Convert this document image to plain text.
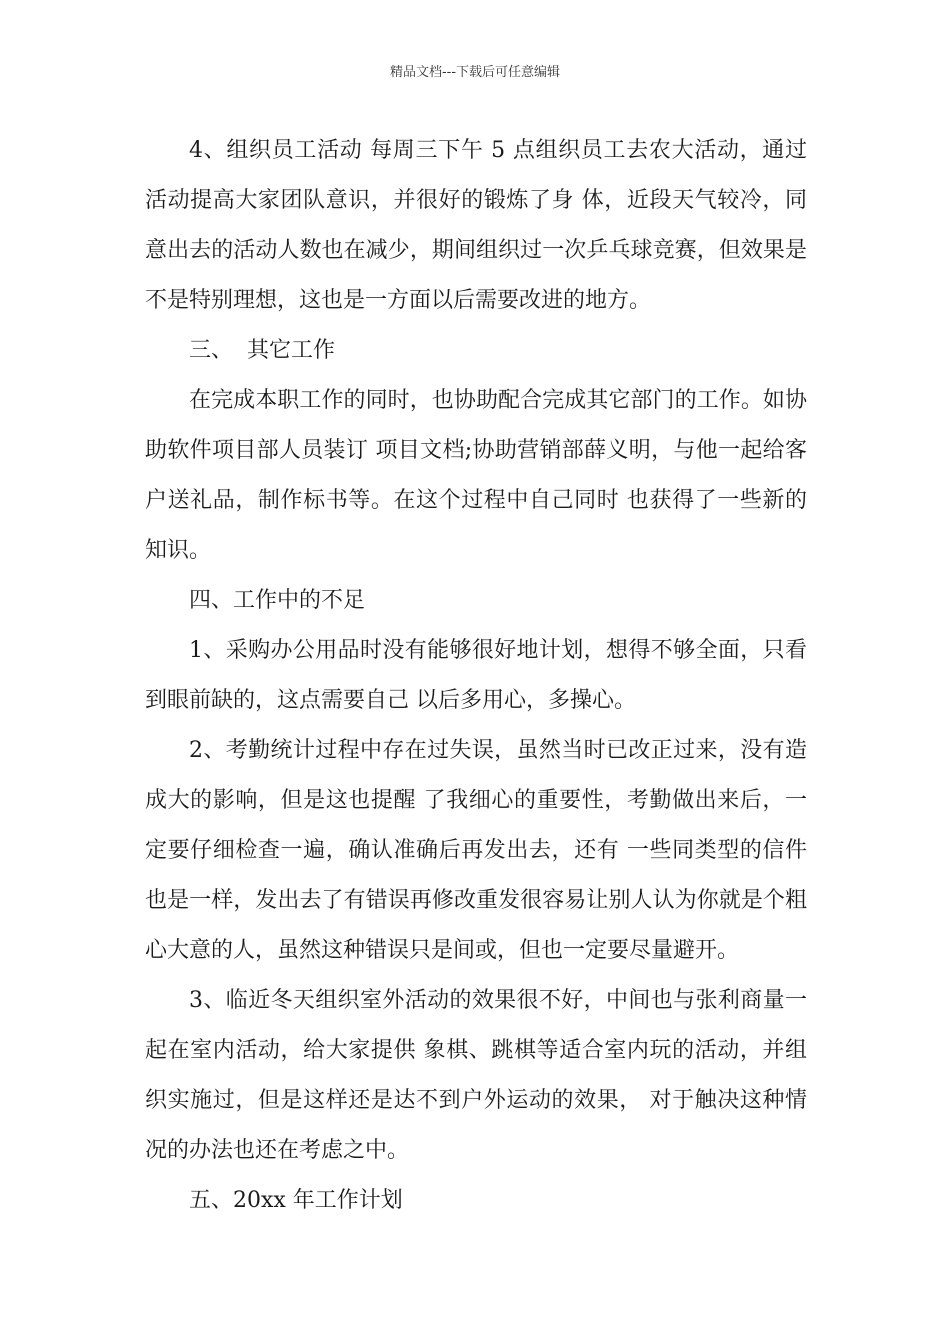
精品文档---下载后可任意编辑

4、组织员工活动 每周三下午 5 点组织员工去农大活动，通过活动提高大家团队意识，并很好的锻炼了身 体，近段天气较冷，同意出去的活动人数也在减少，期间组织过一次乒乓球竞赛，但效果是不是特别理想，这也是一方面以后需要改进的地方。

三、  其它工作

在完成本职工作的同时，也协助配合完成其它部门的工作。如协助软件项目部人员装订 项目文档;协助营销部薛义明，与他一起给客户送礼品，制作标书等。在这个过程中自己同时 也获得了一些新的知识。

四、工作中的不足

1、采购办公用品时没有能够很好地计划，想得不够全面，只看到眼前缺的，这点需要自己 以后多用心，多操心。

2、考勤统计过程中存在过失误，虽然当时已改正过来，没有造成大的影响，但是这也提醒 了我细心的重要性，考勤做出来后，一定要仔细检查一遍，确认准确后再发出去，还有 一些同类型的信件也是一样，发出去了有错误再修改重发很容易让别人认为你就是个粗 心大意的人，虽然这种错误只是间或，但也一定要尽量避开。

3、临近冬天组织室外活动的效果很不好，中间也与张利商量一起在室内活动，给大家提供 象棋、跳棋等适合室内玩的活动，并组织实施过，但是这样还是达不到户外运动的效果， 对于触决这种情况的办法也还在考虑之中。

五、20xx 年工作计划
